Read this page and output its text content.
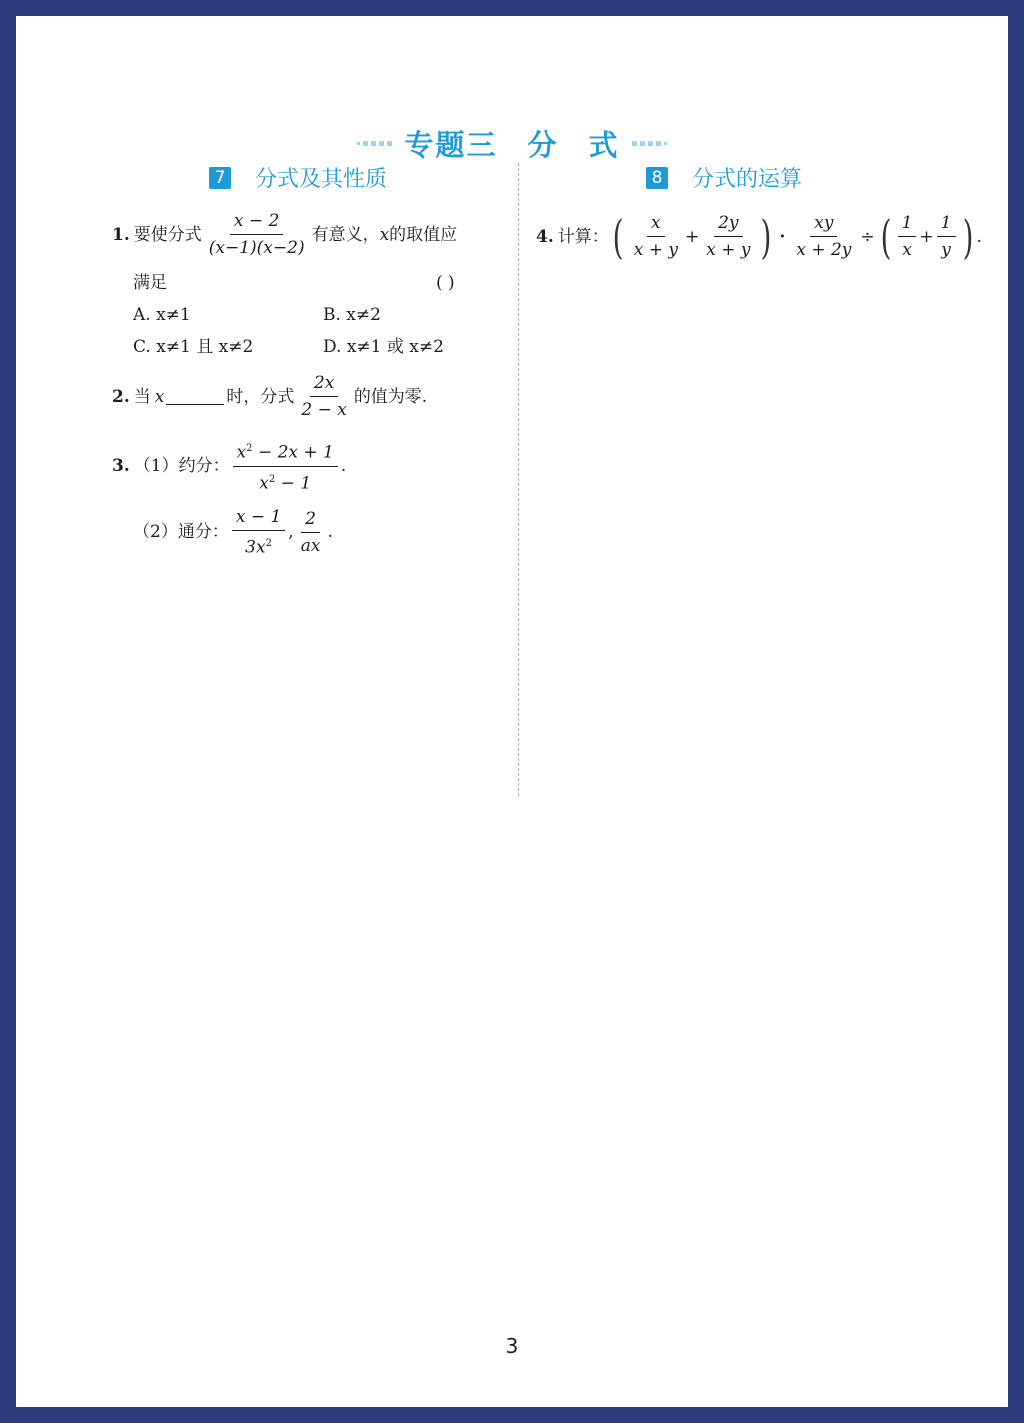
专题三 分 式
7 分式及其性质	8 分式的运算
1. 要使分式 $\frac{x - 2}{(x-1)(x-2)}$ 有意义， x 的取值应
满足	( )
A. x≠1	B. x≠2
C. x≠1 且 x≠2	D. x≠1 或 x≠2
2. 当 x	时，分式 $\frac{2x}{2 - x}$ 的值为零.
3. （1）约分： $\frac{x^2 - 2x + 1}{x^2 - 1}$ .
（2）通分： $\frac{x - 1}{3x^2}$ , $\frac{2}{ax}$ .
4. 计算： ( $\frac{x}{x + y} + \frac{2y}{x + y}$ ) · $\frac{xy}{x + 2y}$ ÷ ( $\frac{1}{x} + \frac{1}{y}$ ) .
3
